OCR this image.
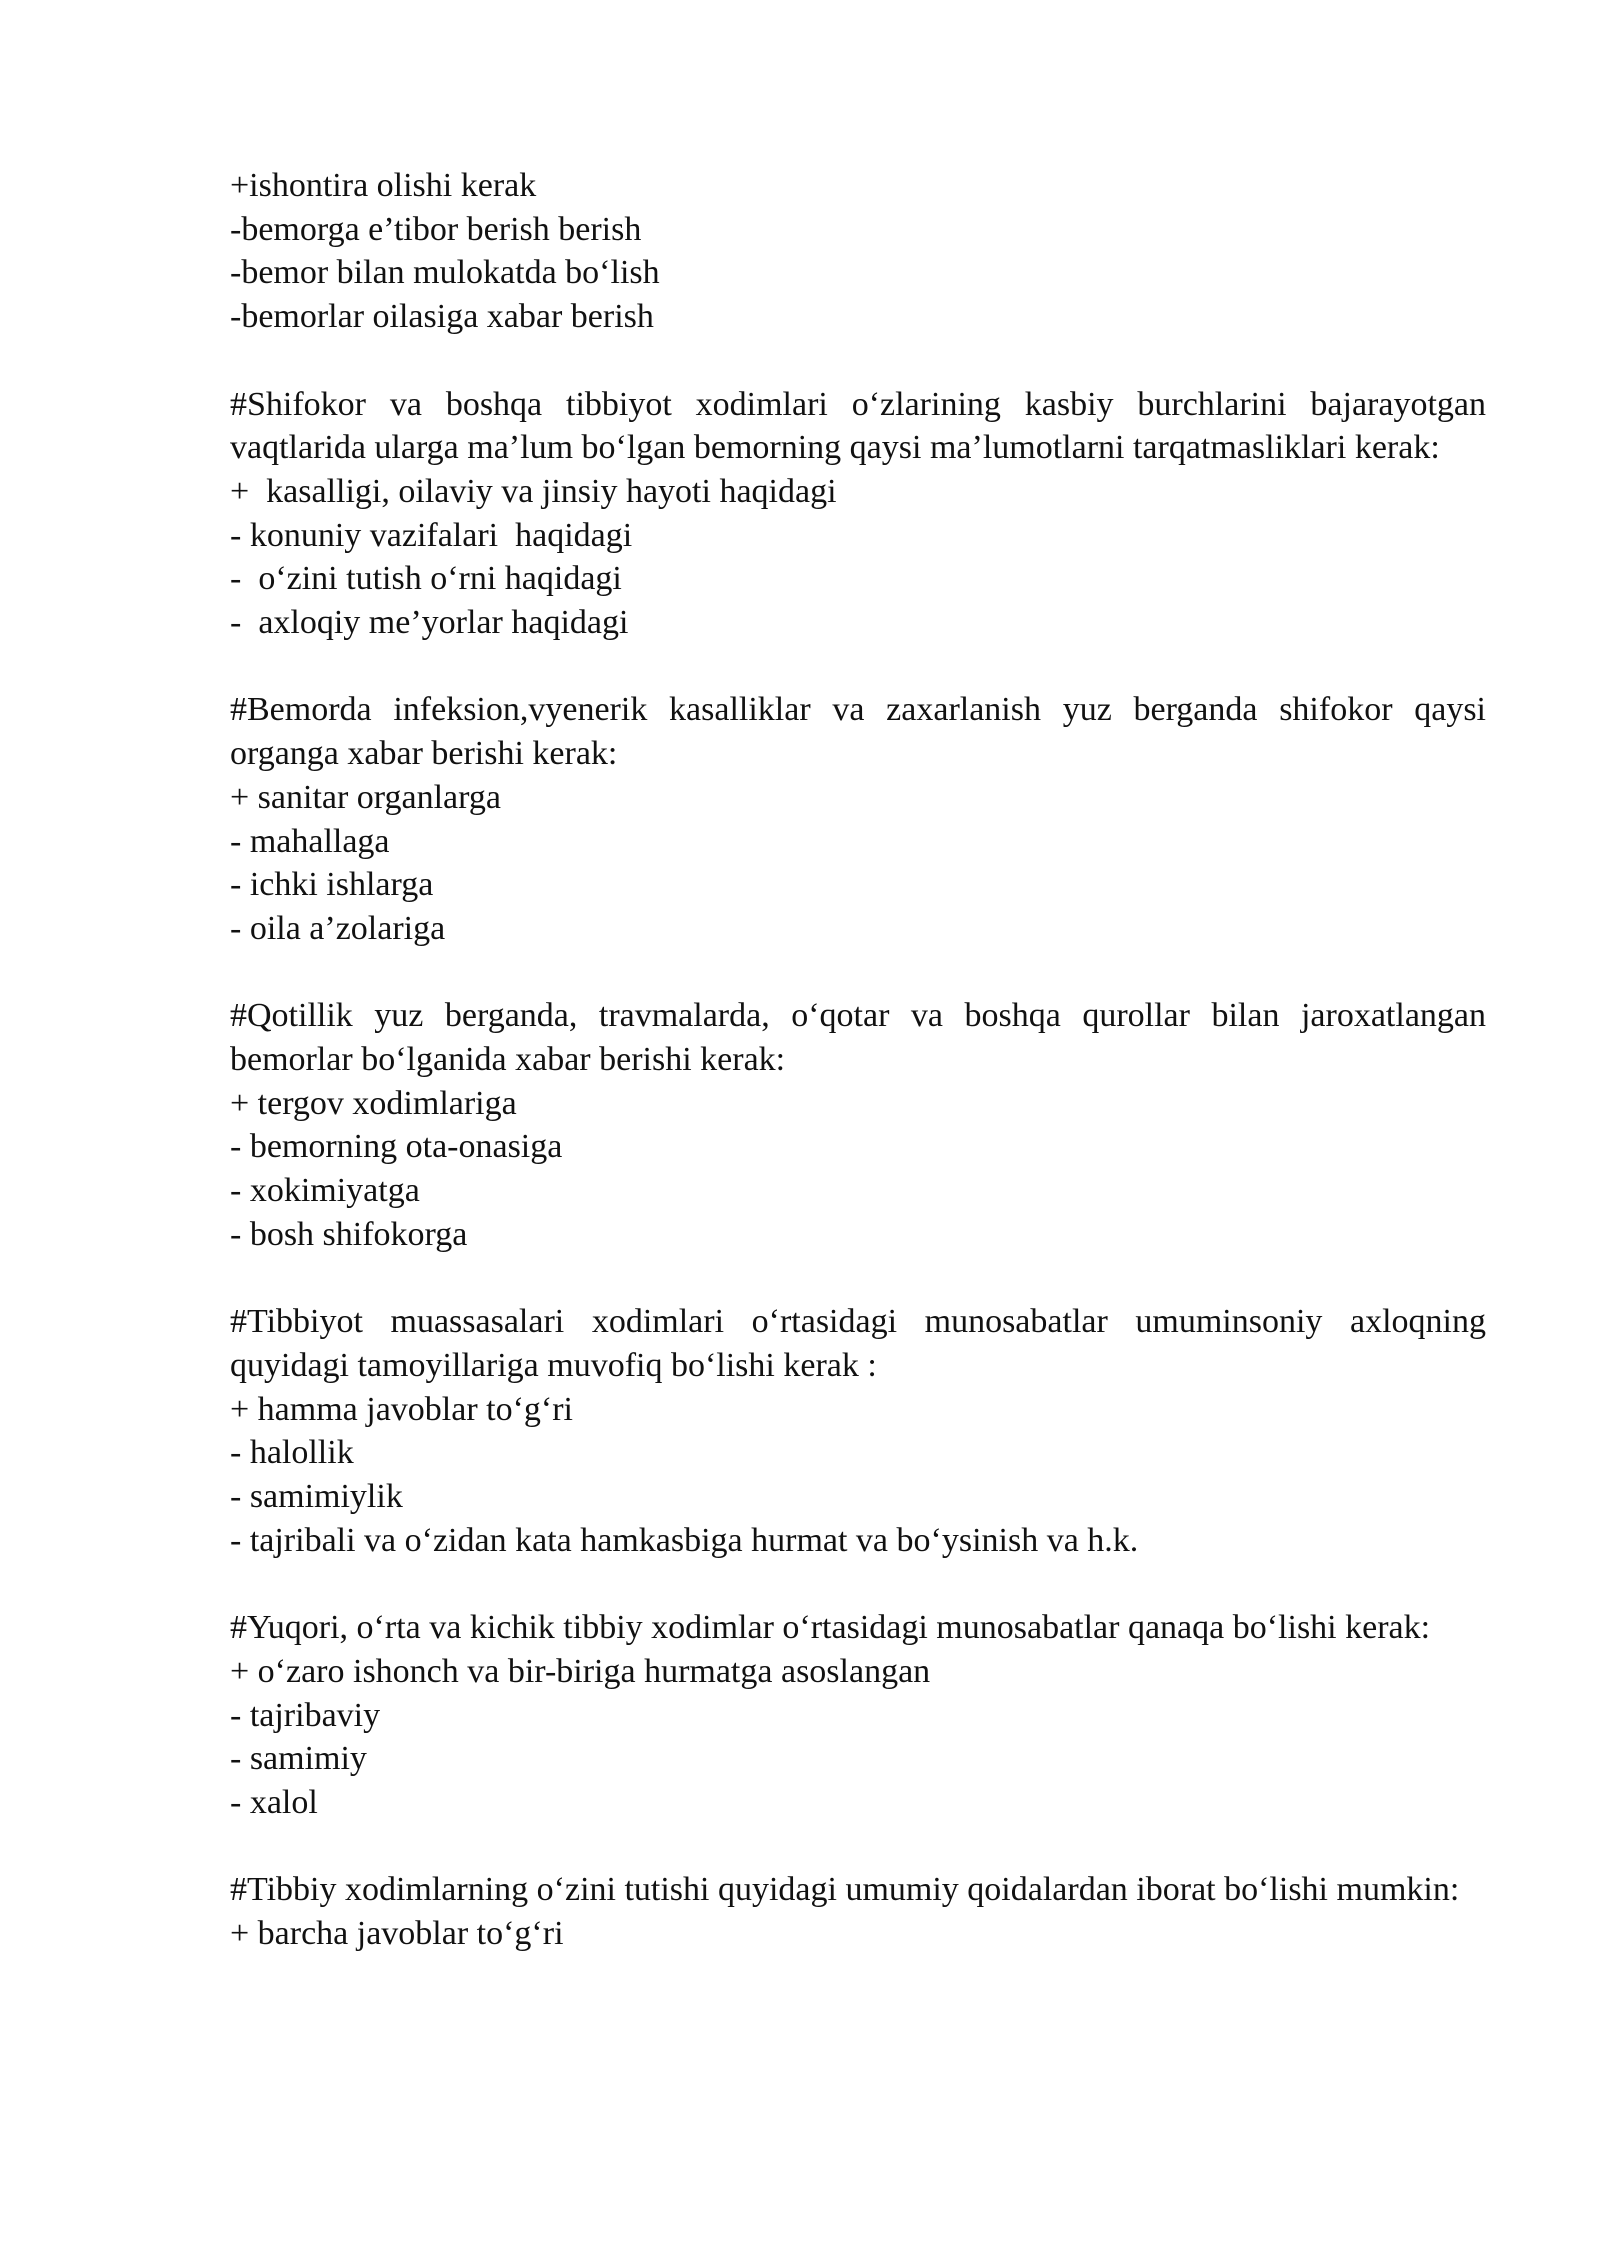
+ishontira olishi kerak
-bemorga e’tibor berish berish
-bemor bilan mulokatda bo‘lish
-bemorlar oilasiga xabar berish
#Shifokor va boshqa tibbiyot xodimlari o‘zlarining kasbiy burchlarini bajarayotgan vaqtlarida ularga ma’lum bo‘lgan bemorning qaysi ma’lumotlarni tarqatmasliklari kerak:
+  kasalligi, oilaviy va jinsiy hayoti haqidagi
- konuniy vazifalari  haqidagi
-  o‘zini tutish o‘rni haqidagi
-  axloqiy me’yorlar haqidagi
#Bemorda infeksion,vyenerik kasalliklar va zaxarlanish yuz berganda shifokor qaysi organga xabar berishi kerak:
+ sanitar organlarga
- mahallaga
- ichki ishlarga
- oila a’zolariga
#Qotillik yuz berganda, travmalarda, o‘qotar va boshqa qurollar bilan jaroxatlangan bemorlar bo‘lganida xabar berishi kerak:
+ tergov xodimlariga
- bemorning ota-onasiga
- xokimiyatga
- bosh shifokorga
#Tibbiyot muassasalari xodimlari o‘rtasidagi munosabatlar umuminsoniy axloqning quyidagi tamoyillariga muvofiq bo‘lishi kerak :
+ hamma javoblar to‘g‘ri
- halollik
- samimiylik
- tajribali va o‘zidan kata hamkasbiga hurmat va bo‘ysinish va h.k.
#Yuqori, o‘rta va kichik tibbiy xodimlar o‘rtasidagi munosabatlar qanaqa bo‘lishi kerak:
+ o‘zaro ishonch va bir-biriga hurmatga asoslangan
- tajribaviy
- samimiy
- xalol
#Tibbiy xodimlarning o‘zini tutishi quyidagi umumiy qoidalardan iborat bo‘lishi mumkin:
+ barcha javoblar to‘g‘ri
